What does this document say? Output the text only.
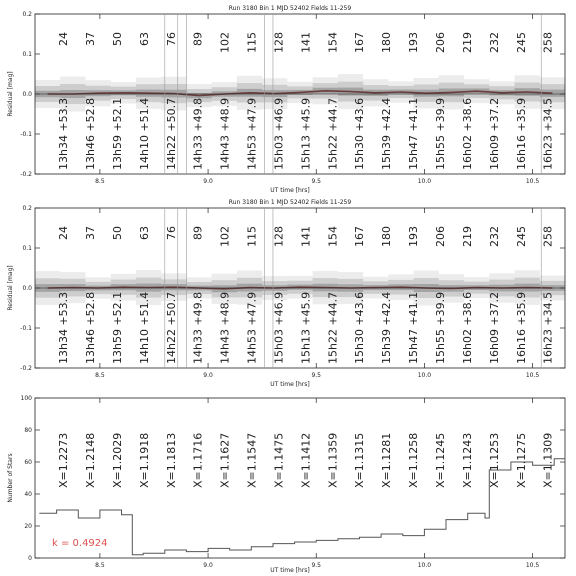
Run 3180 Bin 1 MJD 52402 Fields 11-259
Residual [mag]
UT time [hrs]
8.5	9.0	9.5	10.0	10.5
-0.2
-0.1
0.0
0.1
0.2
24
13h34 +53.3
37
13h46 +52.8
50
13h59 +52.1
63
14h10 +51.4
76
14h22 +50.7
89
14h33 +49.8
102
14h43 +48.9
115
14h53 +47.9
128
15h03 +46.9
141
15h13 +45.9
154
15h22 +44.7
167
15h30 +43.6
180
15h39 +42.4
193
15h47 +41.1
206
15h55 +39.9
219
16h02 +38.6
232
16h09 +37.2
245
16h16 +35.9
258
16h23 +34.5
Run 3180 Bin 1 MJD 52402 Fields 11-259
Residual [mag]
UT time [hrs]
8.5	9.0	9.5	10.0	10.5
-0.2
-0.1
0.0
0.1
0.2
24
13h34 +53.3
37
13h46 +52.8
50
13h59 +52.1
63
14h10 +51.4
76
14h22 +50.7
89
14h33 +49.8
102
14h43 +48.9
115
14h53 +47.9
128
15h03 +46.9
141
15h13 +45.9
154
15h22 +44.7
167
15h30 +43.6
180
15h39 +42.4
193
15h47 +41.1
206
15h55 +39.9
219
16h02 +38.6
232
16h09 +37.2
245
16h16 +35.9
258
16h23 +34.5
Number of Stars
UT time [hrs]
k = 0.4924
8.5	9.0	9.5	10.0	10.5
0
20
40
60
80
100
X=1.2273 X=1.2148 X=1.2029 X=1.1918 X=1.1813 X=1.1716 X=1.1627 X=1.1547 X=1.1475 X=1.1412 X=1.1359 X=1.1315 X=1.1281 X=1.1258 X=1.1245 X=1.1243 X=1.1253 X=1.1275 X=1.1309
